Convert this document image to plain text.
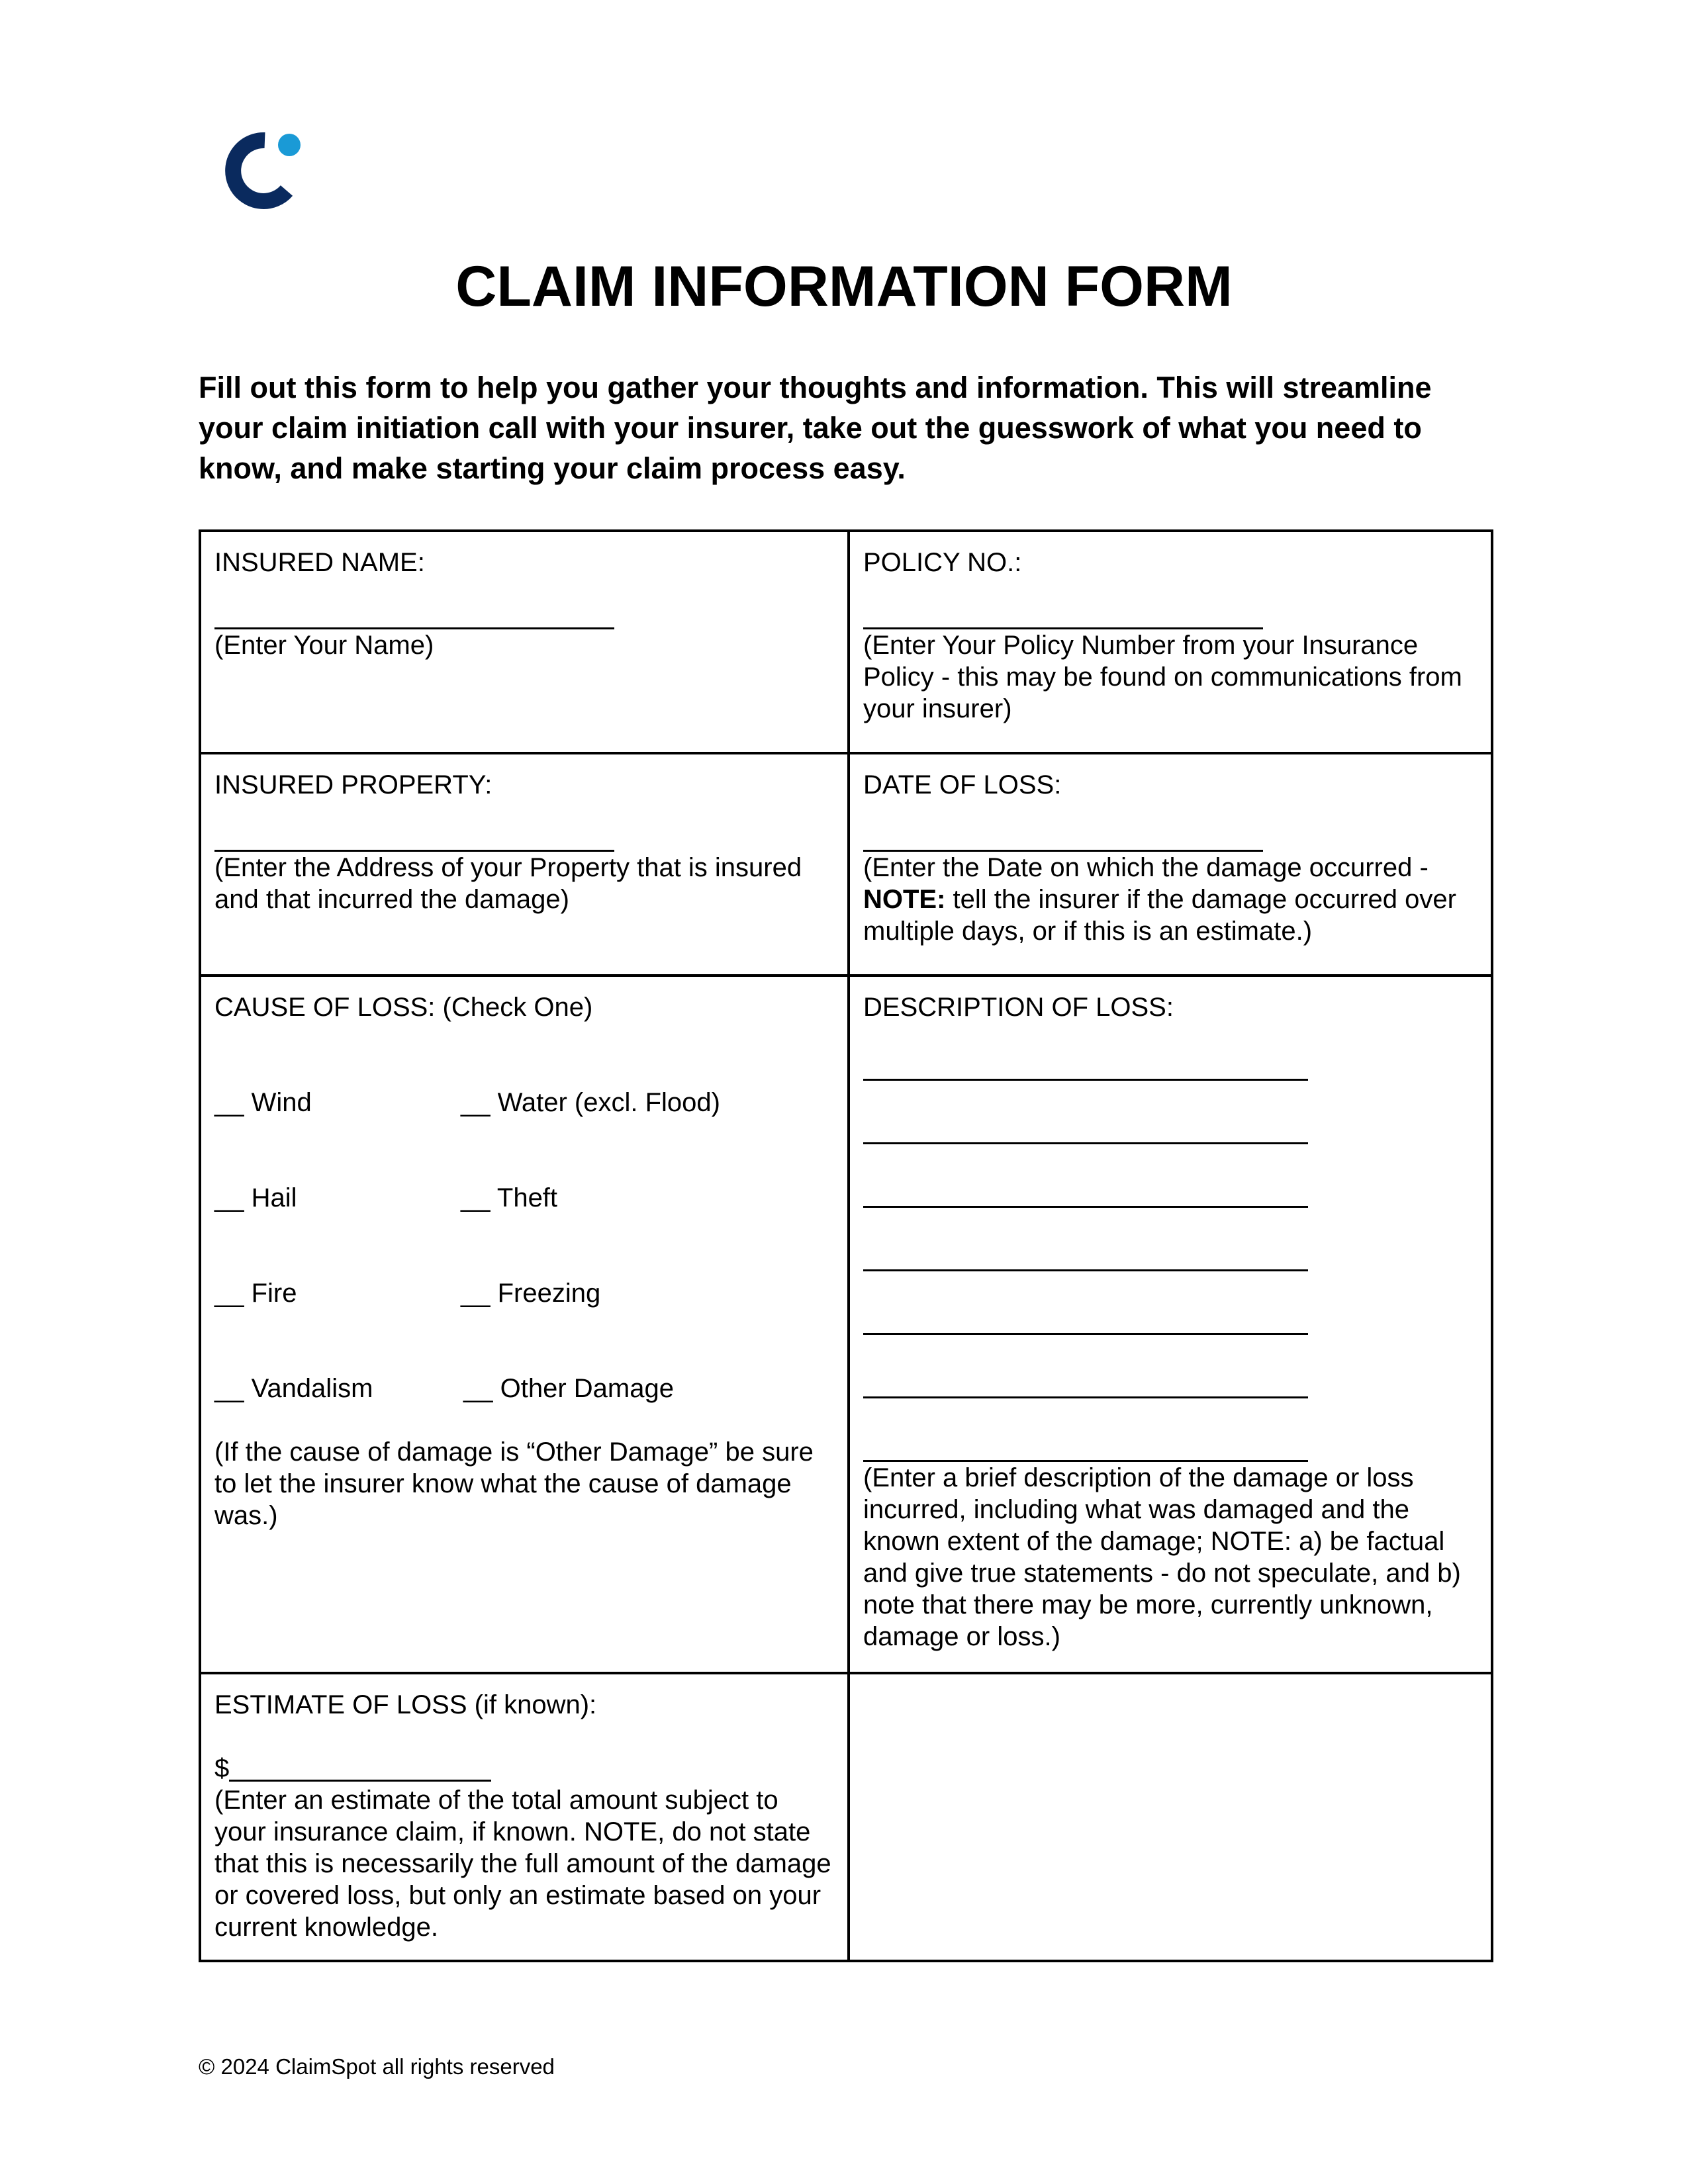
CLAIM INFORMATION FORM

Fill out this form to help you gather your thoughts and information. This will streamline your claim initiation call with your insurer, take out the guesswork of what you need to know, and make starting your claim process easy.

INSURED NAME:
(Enter Your Name)
POLICY NO.:
(Enter Your Policy Number from your Insurance Policy - this may be found on communications from your insurer)
INSURED PROPERTY:
(Enter the Address of your Property that is insured and that incurred the damage)
DATE OF LOSS:
(Enter the Date on which the damage occurred - NOTE: tell the insurer if the damage occurred over multiple days, or if this is an estimate.)
CAUSE OF LOSS: (Check One)
__ Wind	__ Water (excl. Flood)
__ Hail	__ Theft
__ Fire	__ Freezing
__ Vandalism	__ Other Damage
(If the cause of damage is “Other Damage” be sure to let the insurer know what the cause of damage was.)
DESCRIPTION OF LOSS:
(Enter a brief description of the damage or loss incurred, including what was damaged and the known extent of the damage; NOTE: a) be factual and give true statements - do not speculate, and b) note that there may be more, currently unknown, damage or loss.)
ESTIMATE OF LOSS (if known):
$
(Enter an estimate of the total amount subject to your insurance claim, if known. NOTE, do not state that this is necessarily the full amount of the damage or covered loss, but only an estimate based on your current knowledge.

© 2024 ClaimSpot all rights reserved
